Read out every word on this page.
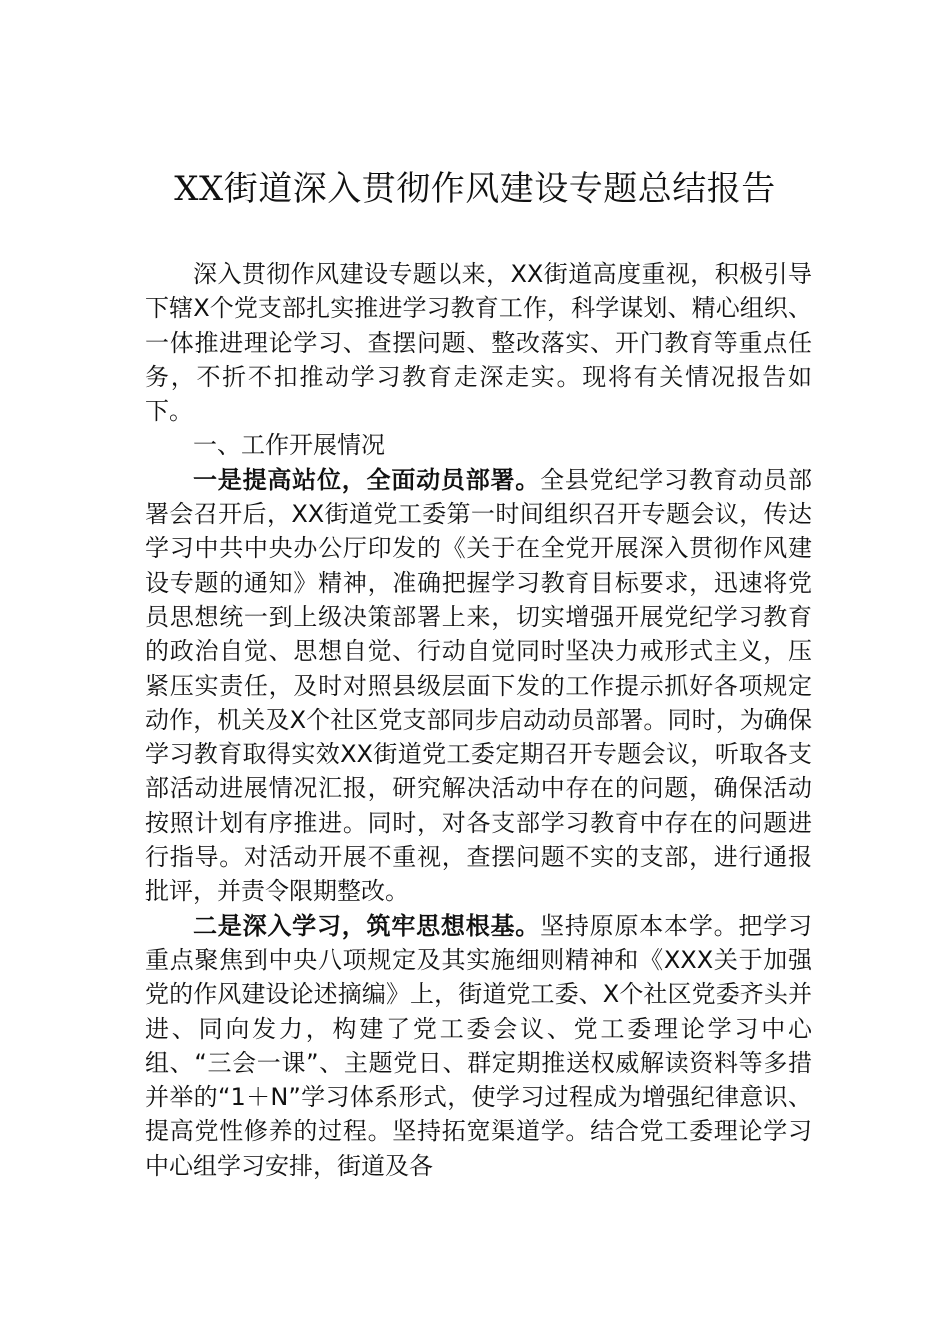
XX街道深入贯彻作风建设专题总结报告

深入贯彻作风建设专题以来，XX街道高度重视，积极引导下辖X个党支部扎实推进学习教育工作，科学谋划、精心组织、一体推进理论学习、查摆问题、整改落实、开门教育等重点任务，不折不扣推动学习教育走深走实。现将有关情况报告如下。

一、工作开展情况

一是提高站位，全面动员部署。全县党纪学习教育动员部署会召开后，XX街道党工委第一时间组织召开专题会议，传达学习中共中央办公厅印发的《关于在全党开展深入贯彻作风建设专题的通知》精神，准确把握学习教育目标要求，迅速将党员思想统一到上级决策部署上来，切实增强开展党纪学习教育的政治自觉、思想自觉、行动自觉同时坚决力戒形式主义，压紧压实责任，及时对照县级层面下发的工作提示抓好各项规定动作，机关及X个社区党支部同步启动动员部署。同时，为确保学习教育取得实效XX街道党工委定期召开专题会议，听取各支部活动进展情况汇报，研究解决活动中存在的问题，确保活动按照计划有序推进。同时，对各支部学习教育中存在的问题进行指导。对活动开展不重视，查摆问题不实的支部，进行通报批评，并责令限期整改。

二是深入学习，筑牢思想根基。坚持原原本本学。把学习重点聚焦到中央八项规定及其实施细则精神和《XXX关于加强党的作风建设论述摘编》上，街道党工委、X个社区党委齐头并进、同向发力，构建了党工委会议、党工委理论学习中心组、“三会一课”、主题党日、群定期推送权威解读资料等多措并举的“1＋N”学习体系形式，使学习过程成为增强纪律意识、提高党性修养的过程。坚持拓宽渠道学。结合党工委理论学习中心组学习安排，街道及各
